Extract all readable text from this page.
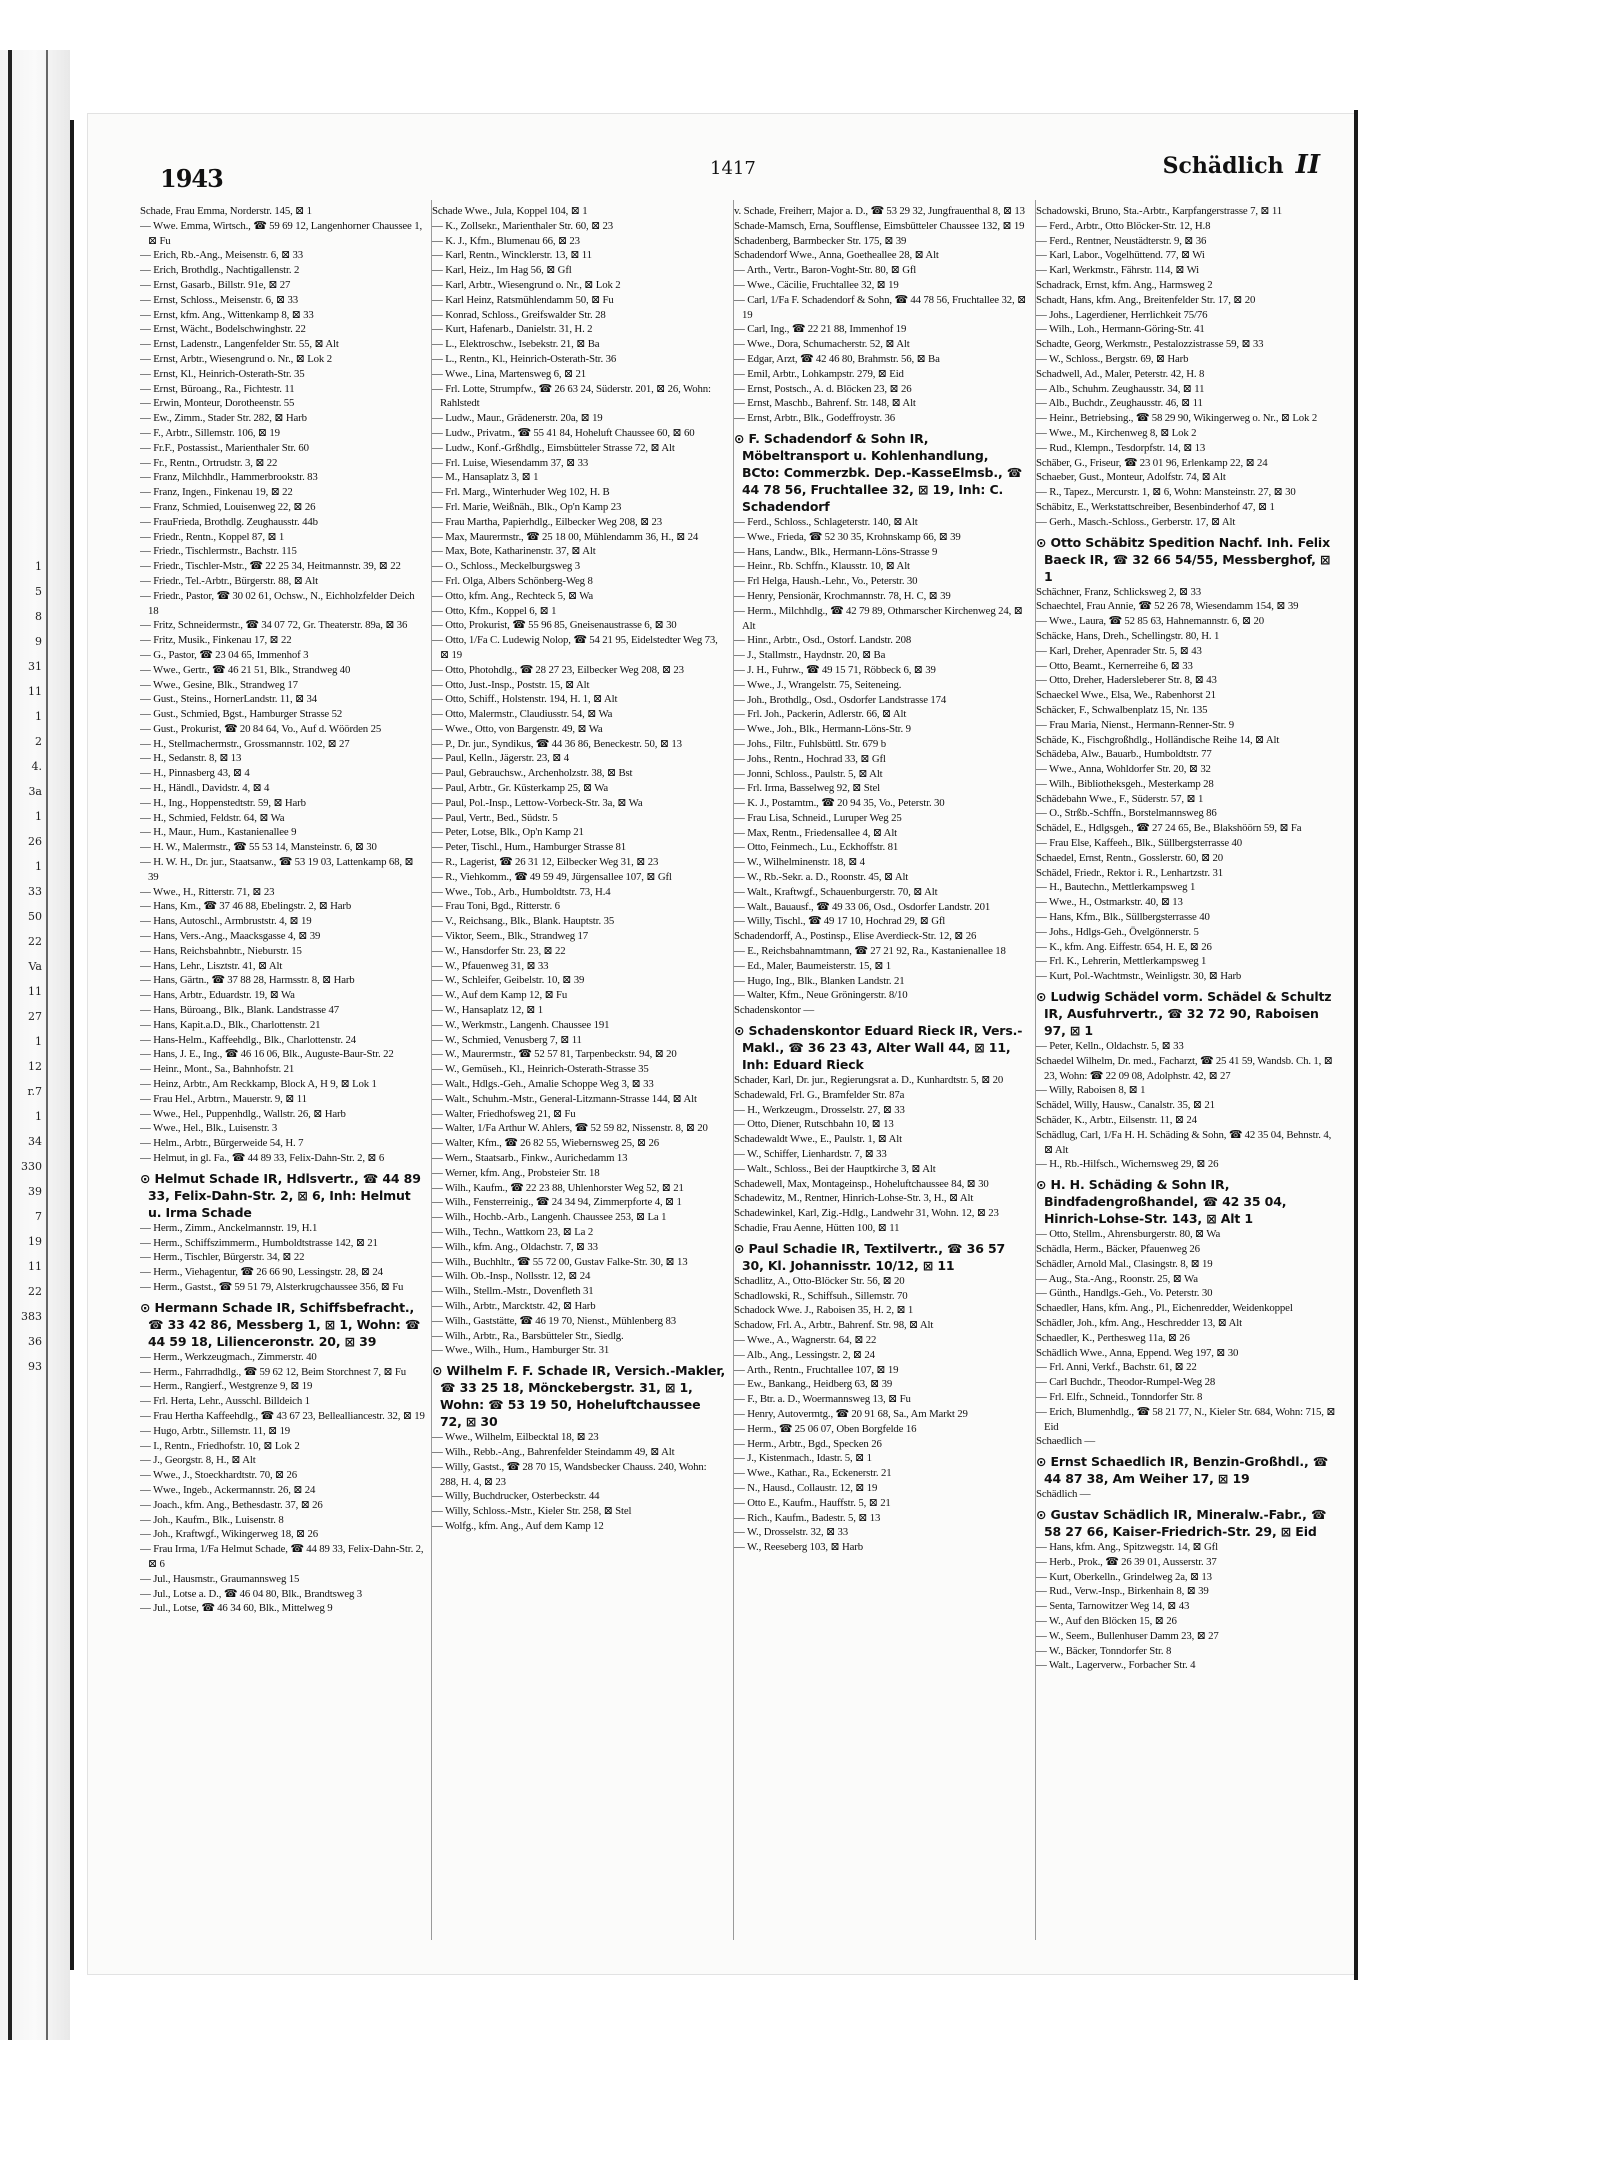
1
5
8
9
31
11
1
2
4.
3a
1
26
1
33
50
22
Va
11
27
1
12
r.7
1
34
330
39
7
19
11
22
383
36
93
1943	1417	Schädlich II

Schade, Frau Emma, Norderstr. 145, ⊠ 1

— Wwe. Emma, Wirtsch., ☎ 59 69 12, Langenhorner Chaussee 1, ⊠ Fu

— Erich, Rb.-Ang., Meisenstr. 6, ⊠ 33

— Erich, Brothdlg., Nachtigallenstr. 2

— Ernst, Gasarb., Billstr. 91e, ⊠ 27

— Ernst, Schloss., Meisenstr. 6, ⊠ 33

— Ernst, kfm. Ang., Wittenkamp 8, ⊠ 33

— Ernst, Wächt., Bodelschwinghstr. 22

— Ernst, Ladenstr., Langenfelder Str. 55, ⊠ Alt

— Ernst, Arbtr., Wiesengrund o. Nr., ⊠ Lok 2

— Ernst, Kl., Heinrich-Osterath-Str. 35

— Ernst, Büroang., Ra., Fichtestr. 11

— Erwin, Monteur, Dorotheenstr. 55

— Ew., Zimm., Stader Str. 282, ⊠ Harb

— F., Arbtr., Sillemstr. 106, ⊠ 19

— Fr.F., Postassist., Marienthaler Str. 60

— Fr., Rentn., Ortrudstr. 3, ⊠ 22

— Franz, Milchhdlr., Hammerbrookstr. 83

— Franz, Ingen., Finkenau 19, ⊠ 22

— Franz, Schmied, Louisenweg 22, ⊠ 26

— FrauFrieda, Brothdlg. Zeughausstr. 44b

— Friedr., Rentn., Koppel 87, ⊠ 1

— Friedr., Tischlermstr., Bachstr. 115

— Friedr., Tischler-Mstr., ☎ 22 25 34, Heitmannstr. 39, ⊠ 22

— Friedr., Tel.-Arbtr., Bürgerstr. 88, ⊠ Alt

— Friedr., Pastor, ☎ 30 02 61, Ochsw., N., Eichholzfelder Deich 18

— Fritz, Schneidermstr., ☎ 34 07 72, Gr. Theaterstr. 89a, ⊠ 36

— Fritz, Musik., Finkenau 17, ⊠ 22

— G., Pastor, ☎ 23 04 65, Immenhof 3

— Wwe., Gertr., ☎ 46 21 51, Blk., Strandweg 40

— Wwe., Gesine, Blk., Strandweg 17

— Gust., Steins., HornerLandstr. 11, ⊠ 34

— Gust., Schmied, Bgst., Hamburger Strasse 52

— Gust., Prokurist, ☎ 20 84 64, Vo., Auf d. Wöörden 25

— H., Stellmachermstr., Grossmannstr. 102, ⊠ 27

— H., Sedanstr. 8, ⊠ 13

— H., Pinnasberg 43, ⊠ 4

— H., Händl., Davidstr. 4, ⊠ 4

— H., Ing., Hoppenstedtstr. 59, ⊠ Harb

— H., Schmied, Feldstr. 64, ⊠ Wa

— H., Maur., Hum., Kastanienallee 9

— H. W., Malermstr., ☎ 55 53 14, Mansteinstr. 6, ⊠ 30

— H. W. H., Dr. jur., Staatsanw., ☎ 53 19 03, Lattenkamp 68, ⊠ 39

— Wwe., H., Ritterstr. 71, ⊠ 23

— Hans, Km., ☎ 37 46 88, Ebelingstr. 2, ⊠ Harb

— Hans, Autoschl., Armbruststr. 4, ⊠ 19

— Hans, Vers.-Ang., Maacksgasse 4, ⊠ 39

— Hans, Reichsbahnbtr., Nieburstr. 15

— Hans, Lehr., Lisztstr. 41, ⊠ Alt

— Hans, Gärtn., ☎ 37 88 28, Harmsstr. 8, ⊠ Harb

— Hans, Arbtr., Eduardstr. 19, ⊠ Wa

— Hans, Büroang., Blk., Blank. Landstrasse 47

— Hans, Kapit.a.D., Blk., Charlottenstr. 21

— Hans-Helm., Kaffeehdlg., Blk., Charlottenstr. 24

— Hans, J. E., Ing., ☎ 46 16 06, Blk., Auguste-Baur-Str. 22

— Heinr., Mont., Sa., Bahnhofstr. 21

— Heinz, Arbtr., Am Reckkamp, Block A, H 9, ⊠ Lok 1

— Frau Hel., Arbtrn., Mauerstr. 9, ⊠ 11

— Wwe., Hel., Puppenhdlg., Wallstr. 26, ⊠ Harb

— Wwe., Hel., Blk., Luisenstr. 3

— Helm., Arbtr., Bürgerweide 54, H. 7

— Helmut, in gl. Fa., ☎ 44 89 33, Felix-Dahn-Str. 2, ⊠ 6

⊙ Helmut Schade IR, Hdlsvertr., ☎ 44 89 33, Felix-Dahn-Str. 2, ⊠ 6, Inh: Helmut u. Irma Schade

— Herm., Zimm., Anckelmannstr. 19, H.1

— Herm., Schiffszimmerm., Humboldtstrasse 142, ⊠ 21

— Herm., Tischler, Bürgerstr. 34, ⊠ 22

— Herm., Viehagentur, ☎ 26 66 90, Lessingstr. 28, ⊠ 24

— Herm., Gastst., ☎ 59 51 79, Alsterkrugchaussee 356, ⊠ Fu

⊙ Hermann Schade IR, Schiffsbefracht., ☎ 33 42 86, Messberg 1, ⊠ 1, Wohn: ☎ 44 59 18, Lilienceronstr. 20, ⊠ 39

— Herm., Werkzeugmach., Zimmerstr. 40

— Herm., Fahrradhdlg., ☎ 59 62 12, Beim Storchnest 7, ⊠ Fu

— Herm., Rangierf., Westgrenze 9, ⊠ 19

— Frl. Herta, Lehr., Ausschl. Billdeich 1

— Frau Hertha Kaffeehdlg., ☎ 43 67 23, Bellealliancestr. 32, ⊠ 19

— Hugo, Arbtr., Sillemstr. 11, ⊠ 19

— I., Rentn., Friedhofstr. 10, ⊠ Lok 2

— J., Georgstr. 8, H., ⊠ Alt

— Wwe., J., Stoeckhardtstr. 70, ⊠ 26

— Wwe., Ingeb., Ackermannstr. 26, ⊠ 24

— Joach., kfm. Ang., Bethesdastr. 37, ⊠ 26

— Joh., Kaufm., Blk., Luisenstr. 8

— Joh., Kraftwgf., Wikingerweg 18, ⊠ 26

— Frau Irma, 1/Fa Helmut Schade, ☎ 44 89 33, Felix-Dahn-Str. 2, ⊠ 6

— Jul., Hausmstr., Graumannsweg 15

— Jul., Lotse a. D., ☎ 46 04 80, Blk., Brandtsweg 3

— Jul., Lotse, ☎ 46 34 60, Blk., Mittelweg 9

Schade Wwe., Jula, Koppel 104, ⊠ 1

— K., Zollsekr., Marienthaler Str. 60, ⊠ 23

— K. J., Kfm., Blumenau 66, ⊠ 23

— Karl, Rentn., Wincklerstr. 13, ⊠ 11

— Karl, Heiz., Im Hag 56, ⊠ Gfl

— Karl, Arbtr., Wiesengrund o. Nr., ⊠ Lok 2

— Karl Heinz, Ratsmühlendamm 50, ⊠ Fu

— Konrad, Schloss., Greifswalder Str. 28

— Kurt, Hafenarb., Danielstr. 31, H. 2

— L., Elektroschw., Isebekstr. 21, ⊠ Ba

— L., Rentn., Kl., Heinrich-Osterath-Str. 36

— Wwe., Lina, Martensweg 6, ⊠ 21

— Frl. Lotte, Strumpfw., ☎ 26 63 24, Süderstr. 201, ⊠ 26, Wohn: Rahlstedt

— Ludw., Maur., Grädenerstr. 20a, ⊠ 19

— Ludw., Privatm., ☎ 55 41 84, Hoheluft Chaussee 60, ⊠ 60

— Ludw., Konf.-Grßhdlg., Eimsbütteler Strasse 72, ⊠ Alt

— Frl. Luise, Wiesendamm 37, ⊠ 33

— M., Hansaplatz 3, ⊠ 1

— Frl. Marg., Winterhuder Weg 102, H. B

— Frl. Marie, Weißnäh., Blk., Op'n Kamp 23

— Frau Martha, Papierhdlg., Eilbecker Weg 208, ⊠ 23

— Max, Maurermstr., ☎ 25 18 00, Mühlendamm 36, H., ⊠ 24

— Max, Bote, Katharinenstr. 37, ⊠ Alt

— O., Schloss., Meckelburgsweg 3

— Frl. Olga, Albers Schönberg-Weg 8

— Otto, kfm. Ang., Rechteck 5, ⊠ Wa

— Otto, Kfm., Koppel 6, ⊠ 1

— Otto, Prokurist, ☎ 55 96 85, Gneisenaustrasse 6, ⊠ 30

— Otto, 1/Fa C. Ludewig Nolop, ☎ 54 21 95, Eidelstedter Weg 73, ⊠ 19

— Otto, Photohdlg., ☎ 28 27 23, Eilbecker Weg 208, ⊠ 23

— Otto, Just.-Insp., Poststr. 15, ⊠ Alt

— Otto, Schiff., Holstenstr. 194, H. 1, ⊠ Alt

— Otto, Malermstr., Claudiusstr. 54, ⊠ Wa

— Wwe., Otto, von Bargenstr. 49, ⊠ Wa

— P., Dr. jur., Syndikus, ☎ 44 36 86, Beneckestr. 50, ⊠ 13

— Paul, Kelln., Jägerstr. 23, ⊠ 4

— Paul, Gebrauchsw., Archenholzstr. 38, ⊠ Bst

— Paul, Arbtr., Gr. Küsterkamp 25, ⊠ Wa

— Paul, Pol.-Insp., Lettow-Vorbeck-Str. 3a, ⊠ Wa

— Paul, Vertr., Bed., Südstr. 5

— Peter, Lotse, Blk., Op'n Kamp 21

— Peter, Tischl., Hum., Hamburger Strasse 81

— R., Lagerist, ☎ 26 31 12, Eilbecker Weg 31, ⊠ 23

— R., Viehkomm., ☎ 49 59 49, Jürgensallee 107, ⊠ Gfl

— Wwe., Tob., Arb., Humboldtstr. 73, H.4

— Frau Toni, Bgd., Ritterstr. 6

— V., Reichsang., Blk., Blank. Hauptstr. 35

— Viktor, Seem., Blk., Strandweg 17

— W., Hansdorfer Str. 23, ⊠ 22

— W., Pfauenweg 31, ⊠ 33

— W., Schleifer, Geibelstr. 10, ⊠ 39

— W., Auf dem Kamp 12, ⊠ Fu

— W., Hansaplatz 12, ⊠ 1

— W., Werkmstr., Langenh. Chaussee 191

— W., Schmied, Venusberg 7, ⊠ 11

— W., Maurermstr., ☎ 52 57 81, Tarpenbeckstr. 94, ⊠ 20

— W., Gemüseh., Kl., Heinrich-Osterath-Strasse 35

— Walt., Hdlgs.-Geh., Amalie Schoppe Weg 3, ⊠ 33

— Walt., Schuhm.-Mstr., General-Litzmann-Strasse 144, ⊠ Alt

— Walter, Friedhofsweg 21, ⊠ Fu

— Walter, 1/Fa Arthur W. Ahlers, ☎ 52 59 82, Nissenstr. 8, ⊠ 20

— Walter, Kfm., ☎ 26 82 55, Wiebernsweg 25, ⊠ 26

— Wern., Staatsarb., Finkw., Aurichedamm 13

— Werner, kfm. Ang., Probsteier Str. 18

— Wilh., Kaufm., ☎ 22 23 88, Uhlenhorster Weg 52, ⊠ 21

— Wilh., Fensterreinig., ☎ 24 34 94, Zimmerpforte 4, ⊠ 1

— Wilh., Hochb.-Arb., Langenh. Chaussee 253, ⊠ La 1

— Wilh., Techn., Wattkorn 23, ⊠ La 2

— Wilh., kfm. Ang., Oldachstr. 7, ⊠ 33

— Wilh., Buchhltr., ☎ 55 72 00, Gustav Falke-Str. 30, ⊠ 13

— Wilh. Ob.-Insp., Nollsstr. 12, ⊠ 24

— Wilh., Stellm.-Mstr., Dovenfleth 31

— Wilh., Arbtr., Marcktstr. 42, ⊠ Harb

— Wilh., Gaststätte, ☎ 46 19 70, Nienst., Mühlenberg 83

— Wilh., Arbtr., Ra., Barsbütteler Str., Siedlg.

— Wwe., Wilh., Hum., Hamburger Str. 31

⊙ Wilhelm F. F. Schade IR, Versich.-Makler, ☎ 33 25 18, Mönckebergstr. 31, ⊠ 1, Wohn: ☎ 53 19 50, Hoheluftchaussee 72, ⊠ 30

— Wwe., Wilhelm, Eilbecktal 18, ⊠ 23

— Wilh., Rebb.-Ang., Bahrenfelder Steindamm 49, ⊠ Alt

— Willy, Gastst., ☎ 28 70 15, Wandsbecker Chauss. 240, Wohn: 288, H. 4, ⊠ 23

— Willy, Buchdrucker, Osterbeckstr. 44

— Willy, Schloss.-Mstr., Kieler Str. 258, ⊠ Stel

— Wolfg., kfm. Ang., Auf dem Kamp 12

v. Schade, Freiherr, Major a. D., ☎ 53 29 32, Jungfrauenthal 8, ⊠ 13

Schade-Mamsch, Erna, Soufflense, Eimsbütteler Chaussee 132, ⊠ 19

Schadenberg, Barmbecker Str. 175, ⊠ 39

Schadendorf Wwe., Anna, Goetheallee 28, ⊠ Alt

— Arth., Vertr., Baron-Voght-Str. 80, ⊠ Gfl

— Wwe., Cäcilie, Fruchtallee 32, ⊠ 19

— Carl, 1/Fa F. Schadendorf & Sohn, ☎ 44 78 56, Fruchtallee 32, ⊠ 19

— Carl, Ing., ☎ 22 21 88, Immenhof 19

— Wwe., Dora, Schumacherstr. 52, ⊠ Alt

— Edgar, Arzt, ☎ 42 46 80, Brahmstr. 56, ⊠ Ba

— Emil, Arbtr., Lohkampstr. 279, ⊠ Eid

— Ernst, Postsch., A. d. Blöcken 23, ⊠ 26

— Ernst, Maschb., Bahrenf. Str. 148, ⊠ Alt

— Ernst, Arbtr., Blk., Godeffroystr. 36

⊙ F. Schadendorf & Sohn IR, Möbeltransport u. Kohlenhandlung, BCto: Commerzbk. Dep.-KasseElmsb., ☎ 44 78 56, Fruchtallee 32, ⊠ 19, Inh: C. Schadendorf

— Ferd., Schloss., Schlageterstr. 140, ⊠ Alt

— Wwe., Frieda, ☎ 52 30 35, Krohnskamp 66, ⊠ 39

— Hans, Landw., Blk., Hermann-Löns-Strasse 9

— Heinr., Rb. Schffn., Klausstr. 10, ⊠ Alt

— Frl Helga, Haush.-Lehr., Vo., Peterstr. 30

— Henry, Pensionär, Krochmannstr. 78, H. C, ⊠ 39

— Herm., Milchhdlg., ☎ 42 79 89, Othmarscher Kirchenweg 24, ⊠ Alt

— Hinr., Arbtr., Osd., Ostorf. Landstr. 208

— J., Stallmstr., Haydnstr. 20, ⊠ Ba

— J. H., Fuhrw., ☎ 49 15 71, Röbbeck 6, ⊠ 39

— Wwe., J., Wrangelstr. 75, Seiteneing.

— Joh., Brothdlg., Osd., Osdorfer Landstrasse 174

— Frl. Joh., Packerin, Adlerstr. 66, ⊠ Alt

— Wwe., Joh., Blk., Hermann-Löns-Str. 9

— Johs., Filtr., Fuhlsbüttl. Str. 679 b

— Johs., Rentn., Hochrad 33, ⊠ Gfl

— Jonni, Schloss., Paulstr. 5, ⊠ Alt

— Frl. Irma, Basselweg 92, ⊠ Stel

— K. J., Postamtm., ☎ 20 94 35, Vo., Peterstr. 30

— Frau Lisa, Schneid., Luruper Weg 25

— Max, Rentn., Friedensallee 4, ⊠ Alt

— Otto, Feinmech., Lu., Eckhoffstr. 81

— W., Wilhelminenstr. 18, ⊠ 4

— W., Rb.-Sekr. a. D., Roonstr. 45, ⊠ Alt

— Walt., Kraftwgf., Schauenburgerstr. 70, ⊠ Alt

— Walt., Bauausf., ☎ 49 33 06, Osd., Osdorfer Landstr. 201

— Willy, Tischl., ☎ 49 17 10, Hochrad 29, ⊠ Gfl

Schadendorff, A., Postinsp., Elise Averdieck-Str. 12, ⊠ 26

— E., Reichsbahnamtmann, ☎ 27 21 92, Ra., Kastanienallee 18

— Ed., Maler, Baumeisterstr. 15, ⊠ 1

— Hugo, Ing., Blk., Blanken Landstr. 21

— Walter, Kfm., Neue Gröningerstr. 8/10

Schadenskontor —

⊙ Schadenskontor Eduard Rieck IR, Vers.-Makl., ☎ 36 23 43, Alter Wall 44, ⊠ 11, Inh: Eduard Rieck

Schader, Karl, Dr. jur., Regierungsrat a. D., Kunhardtstr. 5, ⊠ 20

Schadewald, Frl. G., Bramfelder Str. 87a

— H., Werkzeugm., Drosselstr. 27, ⊠ 33

— Otto, Diener, Rutschbahn 10, ⊠ 13

Schadewaldt Wwe., E., Paulstr. 1, ⊠ Alt

— W., Schiffer, Lienhardstr. 7, ⊠ 33

— Walt., Schloss., Bei der Hauptkirche 3, ⊠ Alt

Schadewell, Max, Montageinsp., Hoheluftchaussee 84, ⊠ 30

Schadewitz, M., Rentner, Hinrich-Lohse-Str. 3, H., ⊠ Alt

Schadewinkel, Karl, Zig.-Hdlg., Landwehr 31, Wohn. 12, ⊠ 23

Schadie, Frau Aenne, Hütten 100, ⊠ 11

⊙ Paul Schadie IR, Textilvertr., ☎ 36 57 30, Kl. Johannisstr. 10/12, ⊠ 11

Schadlitz, A., Otto-Blöcker Str. 56, ⊠ 20

Schadlowski, R., Schiffsuh., Sillemstr. 70

Schadock Wwe. J., Raboisen 35, H. 2, ⊠ 1

Schadow, Frl. A., Arbtr., Bahrenf. Str. 98, ⊠ Alt

— Wwe., A., Wagnerstr. 64, ⊠ 22

— Alb., Ang., Lessingstr. 2, ⊠ 24

— Arth., Rentn., Fruchtallee 107, ⊠ 19

— Ew., Bankang., Heidberg 63, ⊠ 39

— F., Btr. a. D., Woermannsweg 13, ⊠ Fu

— Henry, Autovermtg., ☎ 20 91 68, Sa., Am Markt 29

— Herm., ☎ 25 06 07, Oben Borgfelde 16

— Herm., Arbtr., Bgd., Specken 26

— J., Kistenmach., Idastr. 5, ⊠ 1

— Wwe., Kathar., Ra., Eckenerstr. 21

— N., Hausd., Collaustr. 12, ⊠ 19

— Otto E., Kaufm., Hauffstr. 5, ⊠ 21

— Rich., Kaufm., Badestr. 5, ⊠ 13

— W., Drosselstr. 32, ⊠ 33

— W., Reeseberg 103, ⊠ Harb

Schadowski, Bruno, Sta.-Arbtr., Karpfangerstrasse 7, ⊠ 11

— Ferd., Arbtr., Otto Blöcker-Str. 12, H.8

— Ferd., Rentner, Neustädterstr. 9, ⊠ 36

— Karl, Labor., Vogelhüttend. 77, ⊠ Wi

— Karl, Werkmstr., Fährstr. 114, ⊠ Wi

Schadrack, Ernst, kfm. Ang., Harmsweg 2

Schadt, Hans, kfm. Ang., Breitenfelder Str. 17, ⊠ 20

— Johs., Lagerdiener, Herrlichkeit 75/76

— Wilh., Loh., Hermann-Göring-Str. 41

Schadte, Georg, Werkmstr., Pestalozzistrasse 59, ⊠ 33

— W., Schloss., Bergstr. 69, ⊠ Harb

Schadwell, Ad., Maler, Peterstr. 42, H. 8

— Alb., Schuhm. Zeughausstr. 34, ⊠ 11

— Alb., Buchdr., Zeughausstr. 46, ⊠ 11

— Heinr., Betriebsing., ☎ 58 29 90, Wikingerweg o. Nr., ⊠ Lok 2

— Wwe., M., Kirchenweg 8, ⊠ Lok 2

— Rud., Klempn., Tesdorpfstr. 14, ⊠ 13

Schäber, G., Friseur, ☎ 23 01 96, Erlenkamp 22, ⊠ 24

Schaeber, Gust., Monteur, Adolfstr. 74, ⊠ Alt

— R., Tapez., Mercurstr. 1, ⊠ 6, Wohn: Mansteinstr. 27, ⊠ 30

Schäbitz, E., Werkstattschreiber, Besenbinderhof 47, ⊠ 1

— Gerh., Masch.-Schloss., Gerberstr. 17, ⊠ Alt

⊙ Otto Schäbitz Spedition Nachf. Inh. Felix Baeck IR, ☎ 32 66 54/55, Messberghof, ⊠ 1

Schächner, Franz, Schlicksweg 2, ⊠ 33

Schaechtel, Frau Annie, ☎ 52 26 78, Wiesendamm 154, ⊠ 39

— Wwe., Laura, ☎ 52 85 63, Hahnemannstr. 6, ⊠ 20

Schäcke, Hans, Dreh., Schellingstr. 80, H. 1

— Karl, Dreher, Apenrader Str. 5, ⊠ 43

— Otto, Beamt., Kernerreihe 6, ⊠ 33

— Otto, Dreher, Hadersleberer Str. 8, ⊠ 43

Schaeckel Wwe., Elsa, We., Rabenhorst 21

Schäcker, F., Schwalbenplatz 15, Nr. 135

— Frau Maria, Nienst., Hermann-Renner-Str. 9

Schäde, K., Fischgroßhdlg., Holländische Reihe 14, ⊠ Alt

Schädeba, Alw., Bauarb., Humboldtstr. 77

— Wwe., Anna, Wohldorfer Str. 20, ⊠ 32

— Wilh., Bibliotheksgeh., Mesterkamp 28

Schädebahn Wwe., F., Süderstr. 57, ⊠ 1

— O., Strßb.-Schffn., Borstelmannsweg 86

Schädel, E., Hdlgsgeh., ☎ 27 24 65, Be., Blakshöörn 59, ⊠ Fa

— Frau Else, Kaffeeh., Blk., Süllbergsterrasse 40

Schaedel, Ernst, Rentn., Gosslerstr. 60, ⊠ 20

Schädel, Friedr., Rektor i. R., Lenhartzstr. 31

— H., Bautechn., Mettlerkampsweg 1

— Wwe., H., Ostmarkstr. 40, ⊠ 13

— Hans, Kfm., Blk., Süllbergsterrasse 40

— Johs., Hdlgs-Geh., Övelgönnerstr. 5

— K., kfm. Ang. Eiffestr. 654, H. E, ⊠ 26

— Frl. K., Lehrerin, Mettlerkampsweg 1

— Kurt, Pol.-Wachtmstr., Weinligstr. 30, ⊠ Harb

⊙ Ludwig Schädel vorm. Schädel & Schultz IR, Ausfuhrvertr., ☎ 32 72 90, Raboisen 97, ⊠ 1

— Peter, Kelln., Oldachstr. 5, ⊠ 33

Schaedel Wilhelm, Dr. med., Facharzt, ☎ 25 41 59, Wandsb. Ch. 1, ⊠ 23, Wohn: ☎ 22 09 08, Adolphstr. 42, ⊠ 27

— Willy, Raboisen 8, ⊠ 1

Schädel, Willy, Hausw., Canalstr. 35, ⊠ 21

Schäder, K., Arbtr., Eilsenstr. 11, ⊠ 24

Schädlug, Carl, 1/Fa H. H. Schäding & Sohn, ☎ 42 35 04, Behnstr. 4, ⊠ Alt

— H., Rb.-Hilfsch., Wichernsweg 29, ⊠ 26

⊙ H. H. Schäding & Sohn IR, Bindfadengroßhandel, ☎ 42 35 04, Hinrich-Lohse-Str. 143, ⊠ Alt 1

— Otto, Stellm., Ahrensburgerstr. 80, ⊠ Wa

Schädla, Herm., Bäcker, Pfauenweg 26

Schädler, Arnold Mal., Clasingstr. 8, ⊠ 19

— Aug., Sta.-Ang., Roonstr. 25, ⊠ Wa

— Günth., Handlgs.-Geh., Vo. Peterstr. 30

Schaedler, Hans, kfm. Ang., Pl., Eichenredder, Weidenkoppel

Schädler, Joh., kfm. Ang., Heschredder 13, ⊠ Alt

Schaedler, K., Perthesweg 11a, ⊠ 26

Schädlich Wwe., Anna, Eppend. Weg 197, ⊠ 30

— Frl. Anni, Verkf., Bachstr. 61, ⊠ 22

— Carl Buchdr., Theodor-Rumpel-Weg 28

— Frl. Elfr., Schneid., Tonndorfer Str. 8

— Erich, Blumenhdlg., ☎ 58 21 77, N., Kieler Str. 684, Wohn: 715, ⊠ Eid

Schaedlich —

⊙ Ernst Schaedlich IR, Benzin-Großhdl., ☎ 44 87 38, Am Weiher 17, ⊠ 19

Schädlich —

⊙ Gustav Schädlich IR, Mineralw.-Fabr., ☎ 58 27 66, Kaiser-Friedrich-Str. 29, ⊠ Eid

— Hans, kfm. Ang., Spitzwegstr. 14, ⊠ Gfl

— Herb., Prok., ☎ 26 39 01, Ausserstr. 37

— Kurt, Oberkelln., Grindelweg 2a, ⊠ 13

— Rud., Verw.-Insp., Birkenhain 8, ⊠ 39

— Senta, Tarnowitzer Weg 14, ⊠ 43

— W., Auf den Blöcken 15, ⊠ 26

— W., Seem., Bullenhuser Damm 23, ⊠ 27

— W., Bäcker, Tonndorfer Str. 8

— Walt., Lagerverw., Forbacher Str. 4
